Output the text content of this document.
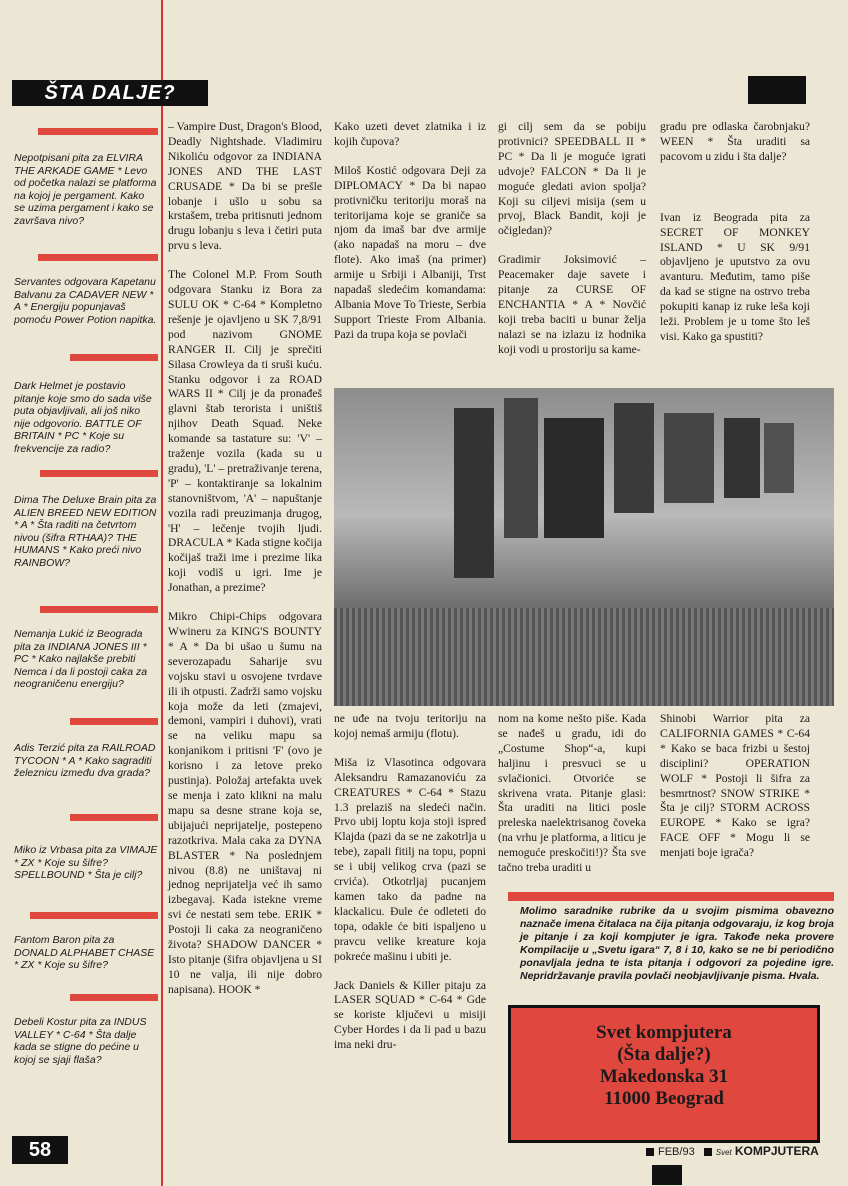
ŠTA DALJE?
Nepotpisani pita za ELVIRA THE ARKADE GAME * Levo od početka nalazi se platforma na kojoj je pergament. Kako se uzima pergament i kako se završava nivo?
Servantes odgovara Kapetanu Balvanu za CADAVER NEW * A * Energiju popunjavaš pomoću Power Potion napitka.
Dark Helmet je postavio pitanje koje smo do sada više puta objavljivali, ali još niko nije odgovorio. BATTLE OF BRITAIN * PC * Koje su frekvencije za radio?
Dima The Deluxe Brain pita za ALIEN BREED NEW EDITION * A * Šta raditi na četvrtom nivou (šifra RTHAA)? THE HUMANS * Kako preći nivo RAINBOW?
Nemanja Lukić iz Beograda pita za INDIANA JONES III * PC * Kako najlakše prebiti Nemca i da li postoji caka za neograničenu energiju?
Adis Terzić pita za RAILROAD TYCOON * A * Kako sagraditi železnicu između dva grada?
Miko iz Vrbasa pita za VIMAJE * ZX * Koje su šifre? SPELLBOUND * Šta je cilj?
Fantom Baron pita za DONALD ALPHABET CHASE * ZX * Koje su šifre?
Debeli Kostur pita za INDUS VALLEY * C-64 * Šta dalje kada se stigne do pećine u kojoj se sjaji flaša?

– Vampire Dust, Dragon's Blood, Deadly Nightshade. Vladimiru Nikoliću odgovor za INDIANA JONES AND THE LAST CRUSADE * Da bi se prešle lobanje i ušlo u sobu sa krstašem, treba pritisnuti jednom drugu lobanju s leva i četiri puta prvu s leva.

The Colonel M.P. From South odgovara Stanku iz Bora za SULU OK * C-64 * Kompletno rešenje je ojavljeno u SK 7,8/91 pod nazivom GNOME RANGER II. Cilj je sprečiti Silasa Crowleya da ti sruši kuću. Stanku odgovor i za ROAD WARS II * Cilj je da pronađeš glavni štab terorista i uništiš njihov Death Squad. Neke komande sa tastature su: 'V' – traženje vozila (kada su u gradu), 'L' – pretraživanje terena, 'P' – kontaktiranje sa lokalnim stanovništvom, 'A' – napuštanje vozila radi preuzimanja drugog, 'H' – lečenje tvojih ljudi. DRACULA * Kada stigne kočija kočijaš traži ime i prezime lika koji vodiš u igri. Ime je Jonathan, a prezime?

Mikro Chipi-Chips odgovara Wwineru za KING'S BOUNTY * A * Da bi ušao u šumu na severozapadu Saharije svu vojsku stavi u osvojene tvrdave ili ih otpusti. Zadrži samo vojsku koja može da leti (zmajevi, demoni, vampiri i duhovi), vrati se na veliku mapu sa konjanikom i pritisni 'F' (ovo je korisno i za letove preko pustinja). Položaj artefakta uvek se menja i zato klikni na malu mapu sa desne strane koja se, ubijajući neprijatelje, postepeno razotkriva. Mala caka za DYNA BLASTER * Na poslednjem nivou (8.8) ne uništavaj ni jednog neprijatelja već ih samo izbegavaj. Kada istekne vreme svi će nestati sem tebe. ERIK * Postoji li caka za neograničeno života? SHADOW DANCER * Isto pitanje (šifra objavljena u SI 10 ne valja, ili nije dobro napisana). HOOK *

Kako uzeti devet zlatnika i iz kojih čupova?

Miloš Kostić odgovara Deji za DIPLOMACY * Da bi napao protivničku teritoriju moraš na teritorijama koje se graniče sa njom da imaš bar dve armije (ako napadaš na moru – dve flote). Ako imaš (na primer) armije u Srbiji i Albaniji, Trst napadaš sledećim komandama: Albania Move To Trieste, Serbia Support Trieste From Albania. Pazi da trupa koja se povlači

gi cilj sem da se pobiju protivnici? SPEEDBALL II * PC * Da li je moguće igrati udvoje? FALCON * Da li je moguće gledati avion spolja? Koji su ciljevi misija (sem u prvoj, Black Bandit, koji je očigledan)?

Gradimir Joksimović – Peacemaker daje savete i pitanje za CURSE OF ENCHANTIA * A * Novčić koji treba baciti u bunar želja nalazi se na izlazu iz hodnika koji vodi u prostoriju sa kame-

gradu pre odlaska čarobnjaku? WEEN * Šta uraditi sa pacovom u zidu i šta dalje?

Ivan iz Beograda pita za SECRET OF MONKEY ISLAND * U SK 9/91 objavljeno je uputstvo za ovu avanturu. Međutim, tamo piše da kad se stigne na ostrvo treba pokupiti kanap iz ruke leša koji leži. Problem je u tome što leš visi. Kako ga spustiti?

ne uđe na tvoju teritoriju na kojoj nemaš armiju (flotu).

Miša iz Vlasotinca odgovara Aleksandru Ramazanoviću za CREATURES * C-64 * Stazu 1.3 prelaziš na sledeći način. Prvo ubij loptu koja stoji ispred Klajda (pazi da se ne zakotrlja u tebe), zapali fitilj na topu, popni se i ubij velikog crva (pazi se crvića). Otkotrljaj pucanjem kamen tako da padne na klackalicu. Đule će odleteti do topa, odakle će biti ispaljeno u pravcu velike kreature koja pokreće mašinu i ubiti je.

Jack Daniels & Killer pitaju za LASER SQUAD * C-64 * Gde se koriste ključevi u misiji Cyber Hordes i da li pad u bazu ima neki dru-

nom na kome nešto piše. Kada se nađeš u gradu, idi do „Costume Shop“-a, kupi haljinu i presvuci se u svlačionici. Otvoriće se skrivena vrata. Pitanje glasi: Šta uraditi na litici posle preleska naelektrisanog čoveka (na vrhu je platforma, a liticu je nemoguće preskočiti!)? Šta sve tačno treba uraditi u

Shinobi Warrior pita za CALIFORNIA GAMES * C-64 * Kako se baca frizbi u šestoj disciplini? OPERATION WOLF * Postoji li šifra za besmrtnost? SNOW STRIKE * Šta je cilj? STORM ACROSS EUROPE * Kako se igra? FACE OFF * Mogu li se menjati boje igrača?

Molimo saradnike rubrike da u svojim pismima obavezno naznače imena čitalaca na čija pitanja odgovaraju, iz kog broja je pitanje i za koji kompjuter je igra. Takođe neka provere Kompilacije u „Svetu igara“ 7, 8 i 10, kako se ne bi periodično ponavljala jedna te ista pitanja i odgovori za pojedine igre. Nepridržavanje pravila povlači neobjavljivanje pisma. Hvala.
Svet kompjutera
(Šta dalje?)
Makedonska 31
11000 Beograd
58	FEB/93	Svet KOMPJUTERA
